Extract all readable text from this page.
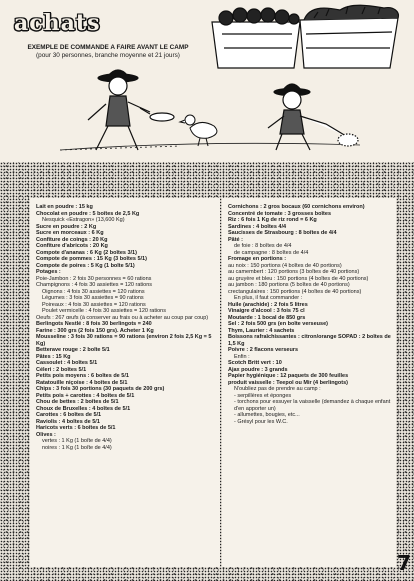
achats
EXEMPLE DE COMMANDE A FAIRE AVANT LE CAMP
(pour 30 personnes, branche moyenne et 21 jours)

Lait en poudre : 15 kg

Chocolat en poudre : 5 boîtes de 2,5 Kg

Nesquick «Estragon» (13,600 Kg)

Sucre en poudre : 2 Kg

Sucre en morceaux : 6 Kg

Confiture de coings : 20 Kg

Confiture d'abricots : 20 Kg

Compote d'ananas : 6 Kg (2 boîtes 3/1)

Compote de pommes : 15 Kg (3 boîtes 5/1)

Compote de poires : 5 Kg (1 boîte 5/1)

Potages :

Poie-Jambon : 2 fois 30 personnes = 60 rations

Champignons : 4 fois 30 assiettes = 120 rations

Oignons : 4 fois 30 assiettes = 120 rations

Légumes : 3 fois 30 assiettes = 90 rations

Poireaux : 4 fois 30 assiettes = 120 rations

Poulet vermicelle : 4 fois 30 assiettes = 120 rations

Oeufs : 267 œufs (à conserver au frais ou à acheter au coup par coup)

Berlingots Nestlé : 8 fois 30 berlingots = 240

Farine : 300 grs (2 fois 150 grs). Acheter 1 Kg

Mousseline : 3 fois 30 rations = 90 rations (environ 2 fois 2,5 Kg = 5 Kg)

Betterave rouge : 2 boîte 5/1

Pâtes : 15 Kg

Cassoulet : 4 boîtes 5/1

Céleri : 2 boîtes 5/1

Petits pois moyens : 6 boîtes de 5/1

Ratatouille niçoise : 4 boîtes de 5/1

Chips : 3 fois 30 portions (30 paquets de 200 grs)

Petits pois + carottes : 4 boîtes de 5/1

Chou de bettes : 2 boîtes de 5/1

Choux de Bruxelles : 4 boîtes de 5/1

Carottes : 6 boîtes de 5/1

Raviolis : 4 boîtes de 5/1

Haricots verts : 6 boîtes de 5/1

Olives :

vertes : 1 Kg (1 boîte de 4/4)

noires : 1 Kg (1 boîte de 4/4)

Cornichons : 2 gros bocaux (60 cornichons environ)

Concentré de tomate : 3 grosses boîtes

Riz : 6 fois 1 Kg de riz rond = 6 Kg

Sardines : 4 boîtes 4/4

Saucisses de Strasbourg : 8 boîtes de 4/4

Pâté :

de foie : 8 boîtes de 4/4

de campagne : 8 boîtes de 4/4

Fromage en portions :

au noix : 150 portions (4 boîtes de 40 portions)

au camembert : 120 portions (3 boîtes de 40 portions)

au gruyère et bleu : 150 portions (4 boîtes de 40 portions)

au jambon : 180 portions (5 boîtes de 40 portions)

crectangulaires : 150 portions (4 boîtes de 40 portions)

En plus, il faut commander :

Huile (arachide) : 2 fois 5 litres

Vinaigre d'alcool : 3 fois 75 cl

Moutarde : 1 bocal de 850 grs

Sel : 2 fois 500 grs (en boîte verseuse)

Thym, Laurier : 4 sachets

Boissons rafraîchissantes : citron/orange SOPAD : 2 boîtes de 1,5 Kg

Poivre : 2 flacons verseurs

Enfin :

Scotch Britt vert : 10

Ajax poudre : 3 grands

Papier hygiénique : 12 paquets de 300 feuilles

produit vaisselle : Teepol ou Mir (4 berlingots)

N'oubliez pas de prendre au camp :

- serpillères et éponges

- torchons pour essuyer la vaisselle (demandez à chaque enfant d'en apporter un)

- allumettes, bougies, etc...

- Grésyl pour les W.C.

7
